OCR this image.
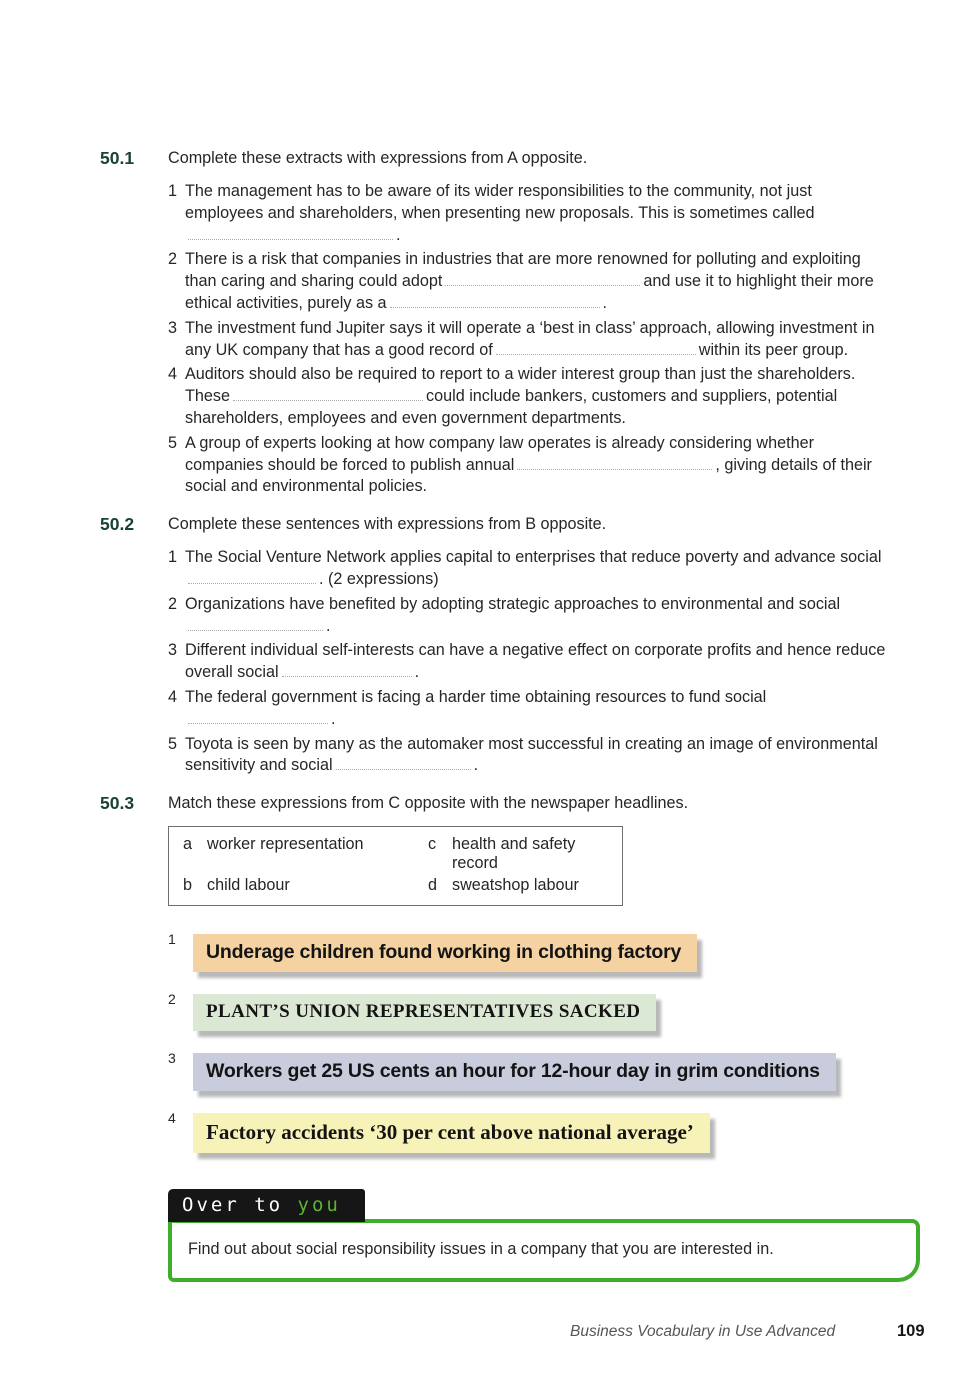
50.1	Complete these extracts with expressions from A opposite.

1 The management has to be aware of its wider responsibilities to the community, not just
employees and shareholders, when presenting new proposals. This is sometimes called
.
2 There is a risk that companies in industries that are more renowned for polluting and exploiting
than caring and sharing could adopt	and use it to highlight their more
ethical activities, purely as a	.
3 The investment fund Jupiter says it will operate a ‘best in class’ approach, allowing investment in
any UK company that has a good record of	within its peer group.
4 Auditors should also be required to report to a wider interest group than just the shareholders.
These	could include bankers, customers and suppliers, potential
shareholders, employees and even government departments.
5 A group of experts looking at how company law operates is already considering whether
companies should be forced to publish annual	, giving details of their
social and environmental policies.
50.2	Complete these sentences with expressions from B opposite.

1 The Social Venture Network applies capital to enterprises that reduce poverty and advance social
. (2 expressions)
2 Organizations have benefited by adopting strategic approaches to environmental and social
.
3 Different individual self-interests can have a negative effect on corporate profits and hence reduce
overall social	.
4 The federal government is facing a harder time obtaining resources to fund social
.
5 Toyota is seen by many as the automaker most successful in creating an image of environmental
sensitivity and social	.
50.3	Match these expressions from C opposite with the newspaper headlines.

a worker representation	c health and safety record
b child labour	d sweatshop labour
1
Underage children found working in clothing factory
2
PLANT’S UNION REPRESENTATIVES SACKED
3
Workers get 25 US cents an hour for 12-hour day in grim conditions
4
Factory accidents ‘30 per cent above national average’
Over to you
Find out about social responsibility issues in a company that you are interested in.
Business Vocabulary in Use Advanced	109
